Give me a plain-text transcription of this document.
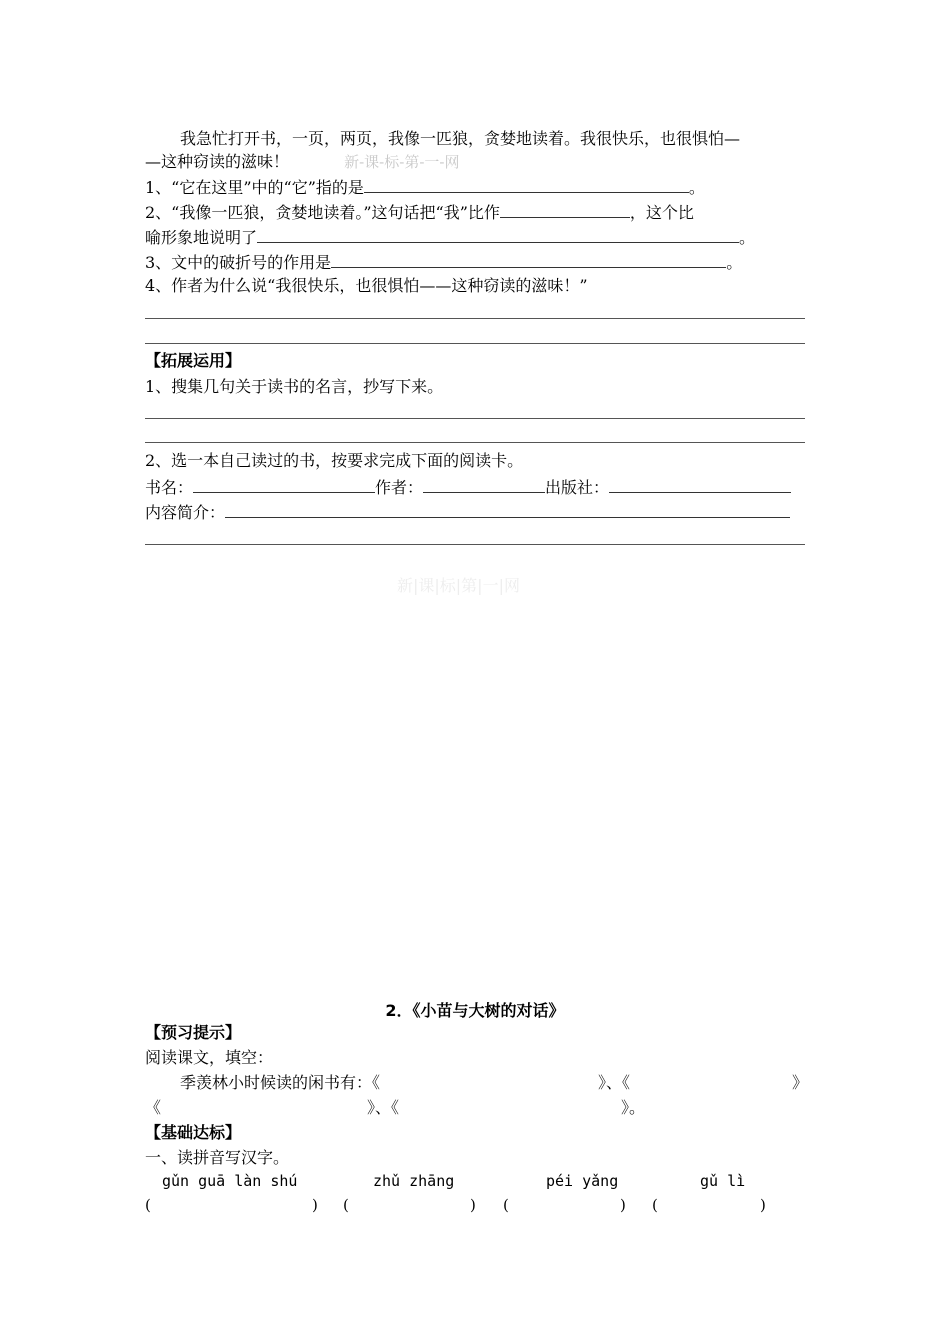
我急忙打开书，一页，两页，我像一匹狼，贪婪地读着。我很快乐，也很惧怕—
—这种窃读的滋味！	新-课-标-第-一-网
1、“它在这里”中的“它”指的是	。
2、“我像一匹狼，贪婪地读着。”这句话把“我”比作	，这个比
喻形象地说明了	。
3、文中的破折号的作用是	。
4、作者为什么说“我很快乐，也很惧怕——这种窃读的滋味！”
【拓展运用】
1、搜集几句关于读书的名言，抄写下来。
2、选一本自己读过的书，按要求完成下面的阅读卡。
书名：	作者：	出版社：
内容简介：
新|课|标|第|一|网
2．《小苗与大树的对话》
【预习提示】
阅读课文，填空：
季羡林小时候读的闲书有：《	》、《	》
《	》、《	》。
【基础达标】
一、读拼音写汉字。
gǔn guā làn shú	zhǔ zhāng	péi yǎng	gǔ lì
(	) (	) (	) (	)
